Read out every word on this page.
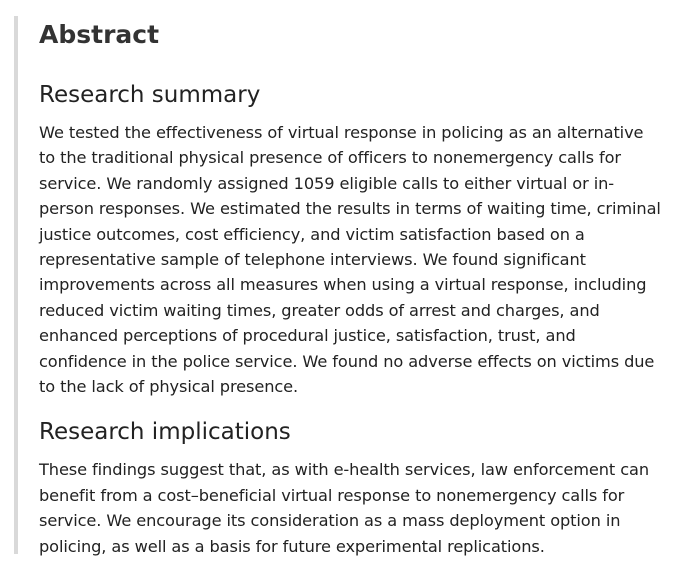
Abstract
Research summary

We tested the effectiveness of virtual response in policing as an alternative to the traditional physical presence of officers to nonemergency calls for service. We randomly assigned 1059 eligible calls to either virtual or in-person responses. We estimated the results in terms of waiting time, criminal justice outcomes, cost efficiency, and victim satisfaction based on a representative sample of telephone interviews. We found significant improvements across all measures when using a virtual response, including reduced victim waiting times, greater odds of arrest and charges, and enhanced perceptions of procedural justice, satisfaction, trust, and confidence in the police service. We found no adverse effects on victims due to the lack of physical presence.

Research implications

These findings suggest that, as with e-health services, law enforcement can benefit from a cost–beneficial virtual response to nonemergency calls for service. We encourage its consideration as a mass deployment option in policing, as well as a basis for future experimental replications.
